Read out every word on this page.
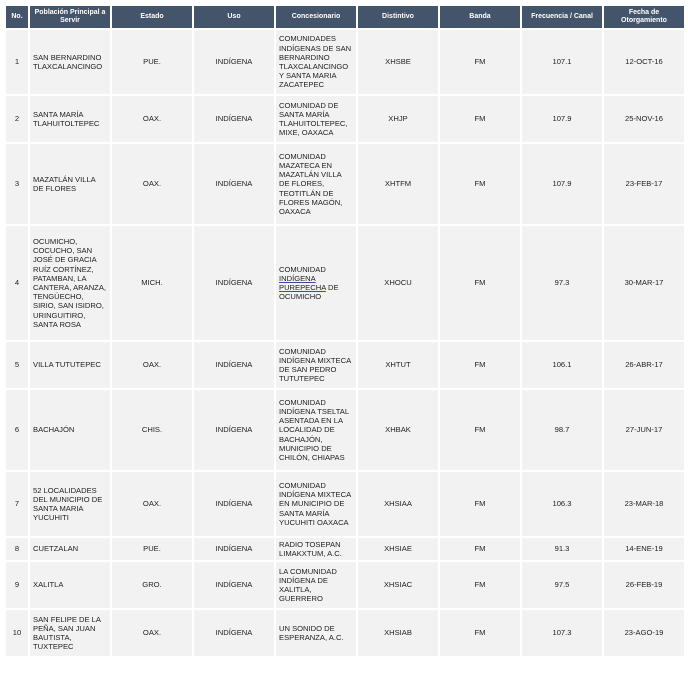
No.	Población Principal a Servir	Estado	Uso	Concesionario	Distintivo	Banda	Frecuencia / Canal	Fecha de Otorgamiento
1	SAN BERNARDINO TLAXCALANCINGO	PUE.	INDÍGENA	COMUNIDADES INDÍGENAS DE SAN BERNARDINO TLAXCALANCINGO Y SANTA MARIA ZACATEPEC	XHSBE	FM	107.1	12-OCT-16
2	SANTA MARÍA TLAHUITOLTEPEC	OAX.	INDÍGENA	COMUNIDAD DE SANTA MARÍA TLAHUITOLTEPEC, MIXE, OAXACA	XHJP	FM	107.9	25-NOV-16
3	MAZATLÁN VILLA DE FLORES	OAX.	INDÍGENA	COMUNIDAD MAZATECA EN MAZATLÁN VILLA DE FLORES, TEOTITLÁN DE FLORES MAGÓN, OAXACA	XHTFM	FM	107.9	23-FEB-17
4	OCUMICHO, COCUCHO, SAN JOSÉ DE GRACIA RUÍZ CORTÍNEZ, PATAMBAN, LA CANTERA, ARANZA, TENGÜECHO, SIRIO, SAN ISIDRO, URINGUITIRO, SANTA ROSA	MICH.	INDÍGENA	COMUNIDAD INDÍGENA PUREPECHA DE OCUMICHO	XHOCU	FM	97.3	30-MAR-17
5	VILLA TUTUTEPEC	OAX.	INDÍGENA	COMUNIDAD INDÍGENA MIXTECA DE SAN PEDRO TUTUTEPEC	XHTUT	FM	106.1	26-ABR-17
6	BACHAJÓN	CHIS.	INDÍGENA	COMUNIDAD INDÍGENA TSELTAL ASENTADA EN LA LOCALIDAD DE BACHAJÓN, MUNICIPIO DE CHILÓN, CHIAPAS	XHBAK	FM	98.7	27-JUN-17
7	52 LOCALIDADES DEL MUNICIPIO DE SANTA MARIA YUCUHITI	OAX.	INDÍGENA	COMUNIDAD INDÍGENA MIXTECA EN MUNICIPIO DE SANTA MARÍA YUCUHITI OAXACA	XHSIAA	FM	106.3	23-MAR-18
8	CUETZALAN	PUE.	INDÍGENA	RADIO TOSEPAN LIMAKXTUM, A.C.	XHSIAE	FM	91.3	14-ENE-19
9	XALITLA	GRO.	INDÍGENA	LA COMUNIDAD INDÍGENA DE XALITLA, GUERRERO	XHSIAC	FM	97.5	26-FEB-19
10	SAN FELIPE DE LA PEÑA, SAN JUAN BAUTISTA, TUXTEPEC	OAX.	INDÍGENA	UN SONIDO DE ESPERANZA, A.C.	XHSIAB	FM	107.3	23-AGO-19
